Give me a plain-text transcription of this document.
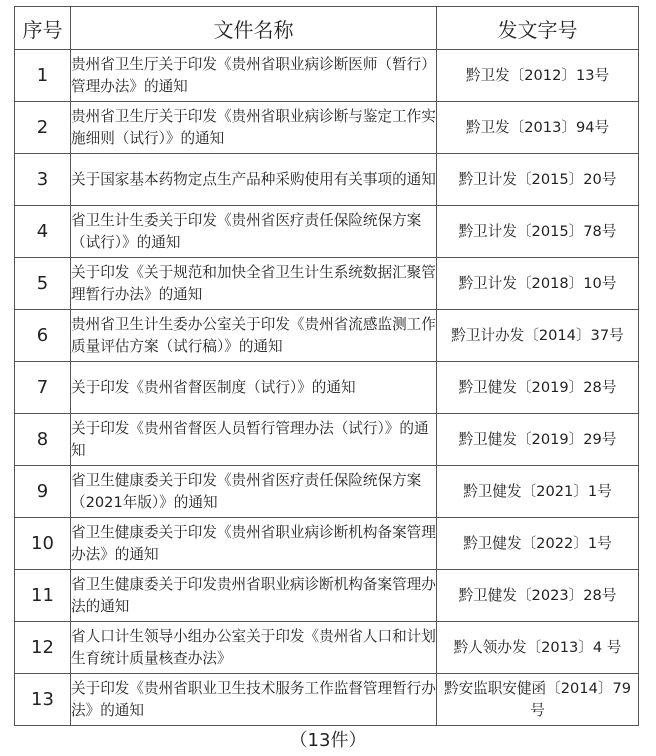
序号	文件名称	发文字号
1	贵州省卫生厅关于印发《贵州省职业病诊断医师（暂行）管理办法》的通知	黔卫发〔2012〕13号
2	贵州省卫生厅关于印发《贵州省职业病诊断与鉴定工作实施细则（试行）》的通知	黔卫发〔2013〕94号
3	关于国家基本药物定点生产品种采购使用有关事项的通知	黔卫计发〔2015〕20号
4	省卫生计生委关于印发《贵州省医疗责任保险统保方案（试行）》的通知	黔卫计发〔2015〕78号
5	关于印发《关于规范和加快全省卫生计生系统数据汇聚管理暂行办法》的通知	黔卫计发〔2018〕10号
6	贵州省卫生计生委办公室关于印发《贵州省流感监测工作质量评估方案（试行稿）》的通知	黔卫计办发〔2014〕37号
7	关于印发《贵州省督医制度（试行）》的通知	黔卫健发〔2019〕28号
8	关于印发《贵州省督医人员暂行管理办法（试行）》的通知	黔卫健发〔2019〕29号
9	省卫生健康委关于印发《贵州省医疗责任保险统保方案（2021年版）》的通知	黔卫健发〔2021〕1号
10	省卫生健康委关于印发《贵州省职业病诊断机构备案管理办法》的通知	黔卫健发〔2022〕1号
11	省卫生健康委关于印发贵州省职业病诊断机构备案管理办法的通知	黔卫健发〔2023〕28号
12	省人口计生领导小组办公室关于印发《贵州省人口和计划生育统计质量核查办法》	黔人领办发〔2013〕4 号
13	关于印发《贵州省职业卫生技术服务工作监督管理暂行办法》的通知	黔安监职安健函〔2014〕79号
（13件）
